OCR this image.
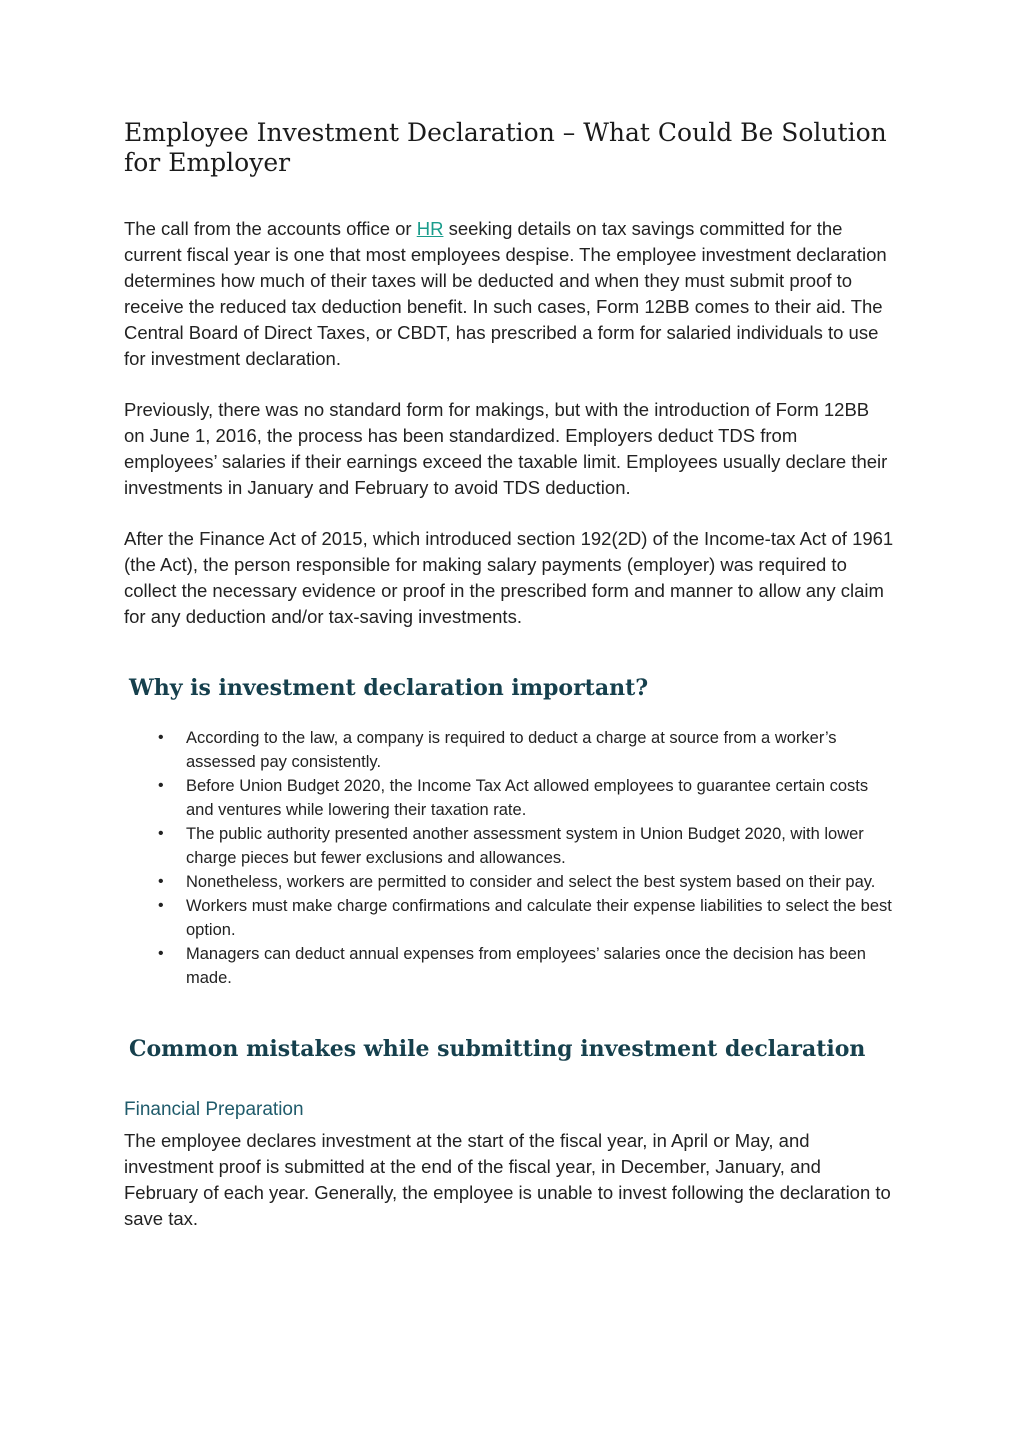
Employee Investment Declaration – What Could Be Solution for Employer

The call from the accounts office or HR seeking details on tax savings committed for the current fiscal year is one that most employees despise. The employee investment declaration determines how much of their taxes will be deducted and when they must submit proof to receive the reduced tax deduction benefit. In such cases, Form 12BB comes to their aid. The Central Board of Direct Taxes, or CBDT, has prescribed a form for salaried individuals to use for investment declaration.

Previously, there was no standard form for makings, but with the introduction of Form 12BB on June 1, 2016, the process has been standardized. Employers deduct TDS from employees’ salaries if their earnings exceed the taxable limit. Employees usually declare their investments in January and February to avoid TDS deduction.

After the Finance Act of 2015, which introduced section 192(2D) of the Income-tax Act of 1961 (the Act), the person responsible for making salary payments (employer) was required to collect the necessary evidence or proof in the prescribed form and manner to allow any claim for any deduction and/or tax-saving investments.

Why is investment declaration important?
• According to the law, a company is required to deduct a charge at source from a worker’s assessed pay consistently.
• Before Union Budget 2020, the Income Tax Act allowed employees to guarantee certain costs and ventures while lowering their taxation rate.
• The public authority presented another assessment system in Union Budget 2020, with lower charge pieces but fewer exclusions and allowances.
• Nonetheless, workers are permitted to consider and select the best system based on their pay.
• Workers must make charge confirmations and calculate their expense liabilities to select the best option.
• Managers can deduct annual expenses from employees’ salaries once the decision has been made.
Common mistakes while submitting investment declaration
Financial Preparation

The employee declares investment at the start of the fiscal year, in April or May, and investment proof is submitted at the end of the fiscal year, in December, January, and February of each year. Generally, the employee is unable to invest following the declaration to save tax.
